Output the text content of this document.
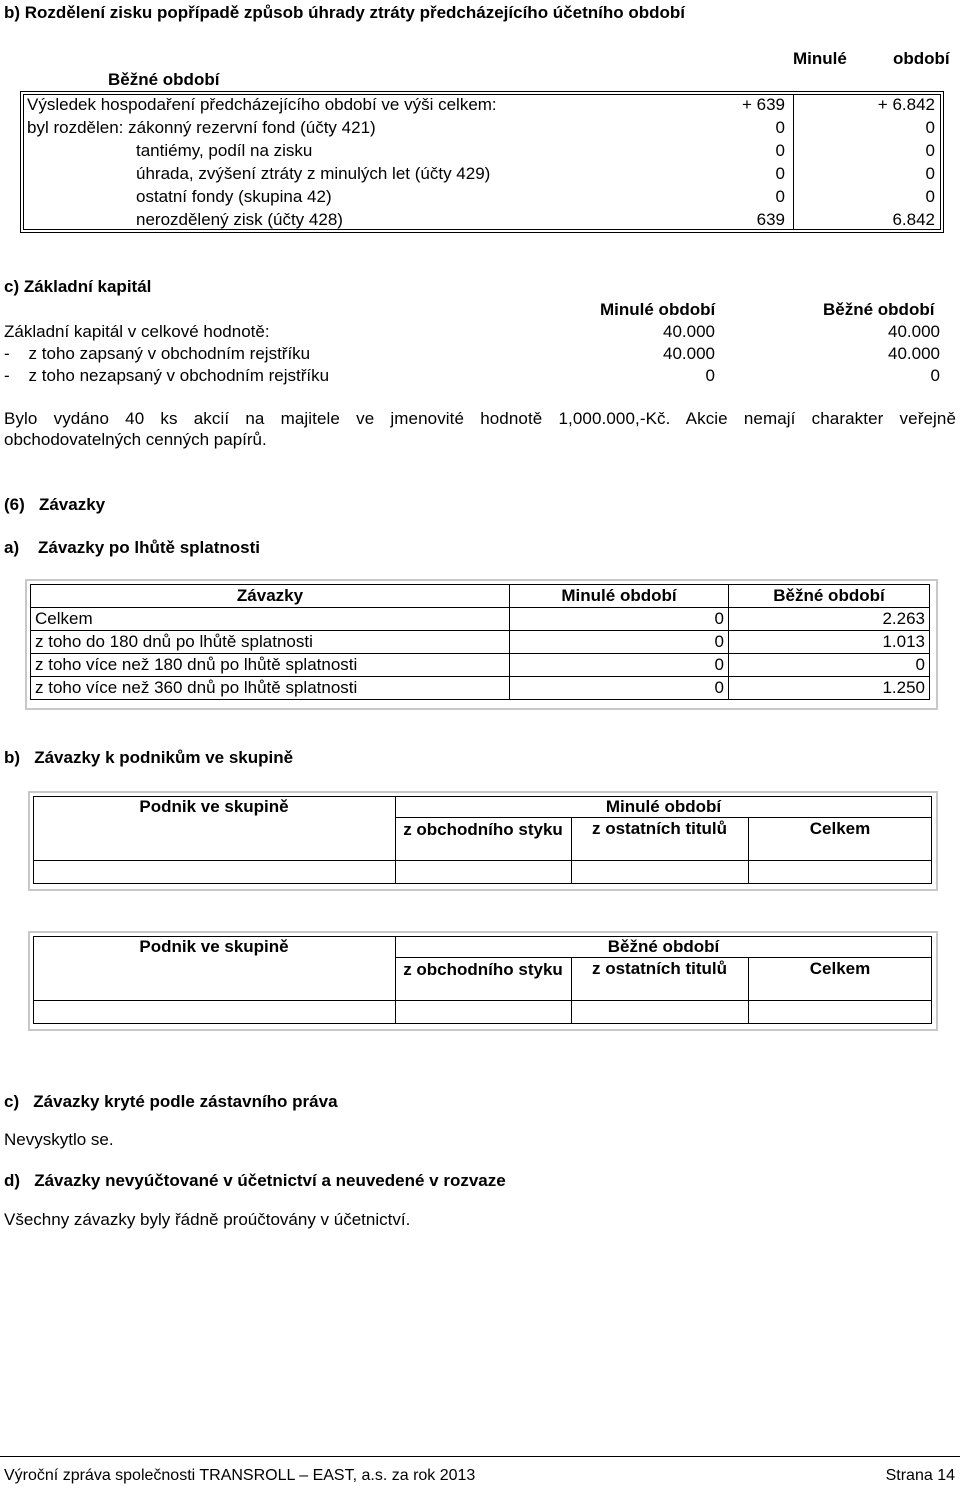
b) Rozdělení zisku popřípadě způsob úhrady ztráty předcházejícího účetního období
Minulé	období
Běžné období
Výsledek hospodaření předcházejícího období ve výši celkem:	+ 639	+ 6.842
byl rozdělen: zákonný rezervní fond (účty 421)	0	0
tantiémy, podíl na zisku	0	0
úhrada, zvýšení ztráty z minulých let (účty 429)	0	0
ostatní fondy (skupina 42)	0	0
nerozdělený zisk (účty 428)	639	6.842
c) Základní kapitál
Minulé období	Běžné období
Základní kapitál v celkové hodnotě:	40.000	40.000
-    z toho zapsaný v obchodním rejstříku	40.000	40.000
-    z toho nezapsaný v obchodním rejstříku	0	0
Bylo vydáno 40 ks akcií na majitele ve jmenovité hodnotě 1,000.000,-Kč. Akcie nemají charakter veřejně
obchodovatelných cenných papírů.
(6)   Závazky
a)    Závazky po lhůtě splatnosti
Závazky	Minulé období	Běžné období
Celkem	0	2.263
z toho do 180 dnů po lhůtě splatnosti	0	1.013
z toho více než 180 dnů po lhůtě splatnosti	0	0
z toho více než 360 dnů po lhůtě splatnosti	0	1.250
b)   Závazky k podnikům ve skupině
Podnik ve skupině	Minulé období
z obchodního styku	z ostatních titulů	Celkem
Podnik ve skupině	Běžné období
z obchodního styku	z ostatních titulů	Celkem
c)   Závazky kryté podle zástavního práva
Nevyskytlo se.
d)   Závazky nevyúčtované v účetnictví a neuvedené v rozvaze
Všechny závazky byly řádně proúčtovány v účetnictví.
Výroční zpráva společnosti TRANSROLL – EAST, a.s. za rok 2013	Strana 14
